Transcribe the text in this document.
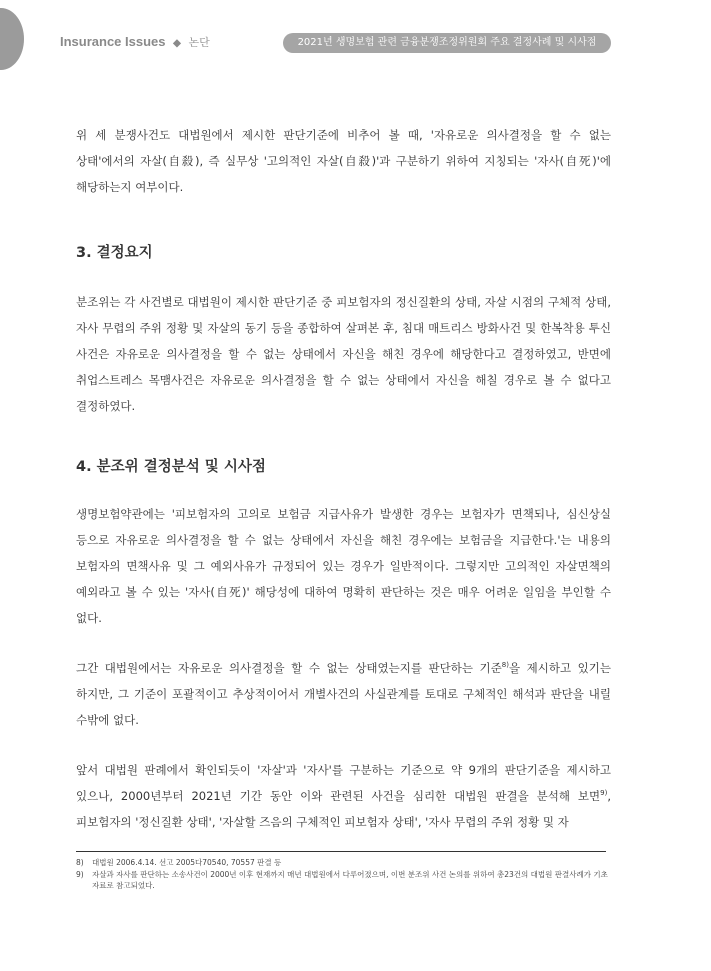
Insurance Issues ◆ 논단	2021년 생명보험 관련 금융분쟁조정위원회 주요 결정사례 및 시사점

위 세 분쟁사건도 대법원에서 제시한 판단기준에 비추어 볼 때, '자유로운 의사결정을 할 수 없는 상태'에서의 자살(自殺), 즉 실무상 '고의적인 자살(自殺)'과 구분하기 위하여 지칭되는 '자사(自死)'에 해당하는지 여부이다.

3. 결정요지

분조위는 각 사건별로 대법원이 제시한 판단기준 중 피보험자의 정신질환의 상태, 자살 시점의 구체적 상태, 자사 무렵의 주위 정황 및 자살의 동기 등을 종합하여 살펴본 후, 침대 매트리스 방화사건 및 한복착용 투신 사건은 자유로운 의사결정을 할 수 없는 상태에서 자신을 해친 경우에 해당한다고 결정하였고, 반면에 취업스트레스 목맴사건은 자유로운 의사결정을 할 수 없는 상태에서 자신을 해칠 경우로 볼 수 없다고 결정하였다.

4. 분조위 결정분석 및 시사점

생명보험약관에는 '피보험자의 고의로 보험금 지급사유가 발생한 경우는 보험자가 면책되나, 심신상실 등으로 자유로운 의사결정을 할 수 없는 상태에서 자신을 해친 경우에는 보험금을 지급한다.'는 내용의 보험자의 면책사유 및 그 예외사유가 규정되어 있는 경우가 일반적이다. 그렇지만 고의적인 자살면책의 예외라고 볼 수 있는 '자사(自死)' 해당성에 대하여 명확히 판단하는 것은 매우 어려운 일임을 부인할 수 없다.

그간 대법원에서는 자유로운 의사결정을 할 수 없는 상태였는지를 판단하는 기준$^{8)}$을 제시하고 있기는 하지만, 그 기준이 포괄적이고 추상적이어서 개별사건의 사실관계를 토대로 구체적인 해석과 판단을 내릴 수밖에 없다.

앞서 대법원 판례에서 확인되듯이 '자살'과 '자사'를 구분하는 기준으로 약 9개의 판단기준을 제시하고 있으나, 2000년부터 2021년 기간 동안 이와 관련된 사건을 심리한 대법원 판결을 분석해 보면$^{9)}$, 피보험자의 '정신질환 상태', '자살할 즈음의 구체적인 피보험자 상태', '자사 무렵의 주위 정황 및 자

8)	대법원 2006.4.14. 선고 2005다70540, 70557 판결 등
9)	자살과 자사를 판단하는 소송사건이 2000년 이후 현재까지 매년 대법원에서 다루어졌으며, 이번 분조위 사건 논의를 위하여 총23건의 대법원 판결사례가 기초자료로 참고되었다.
